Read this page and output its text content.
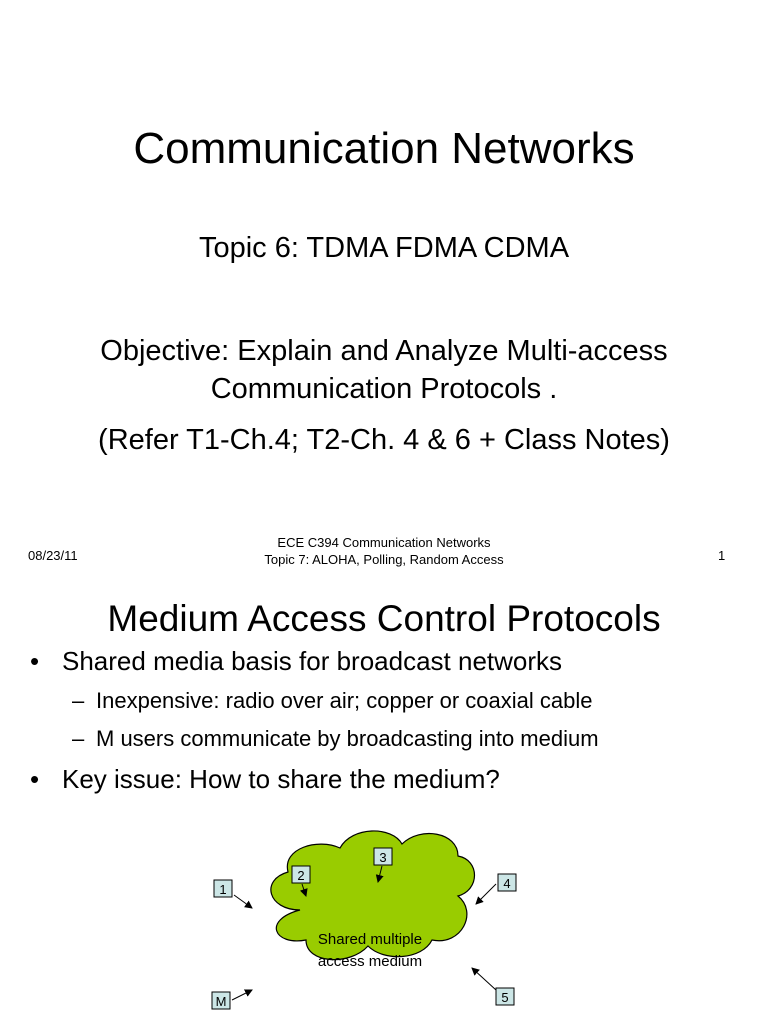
Communication Networks
Topic 6: TDMA FDMA CDMA
Objective: Explain and Analyze Multi-access
Communication Protocols .
(Refer T1-Ch.4; T2-Ch. 4 & 6 + Class Notes)
08/23/11
ECE C394 Communication Networks
Topic 7: ALOHA, Polling, Random Access	1
Medium Access Control Protocols
• Shared media basis for broadcast networks
– Inexpensive: radio over air; copper or coaxial cable
– M users communicate by broadcasting into medium
• Key issue: How to share the medium?
Shared multiple
access medium
1
2
3
4
5
M
